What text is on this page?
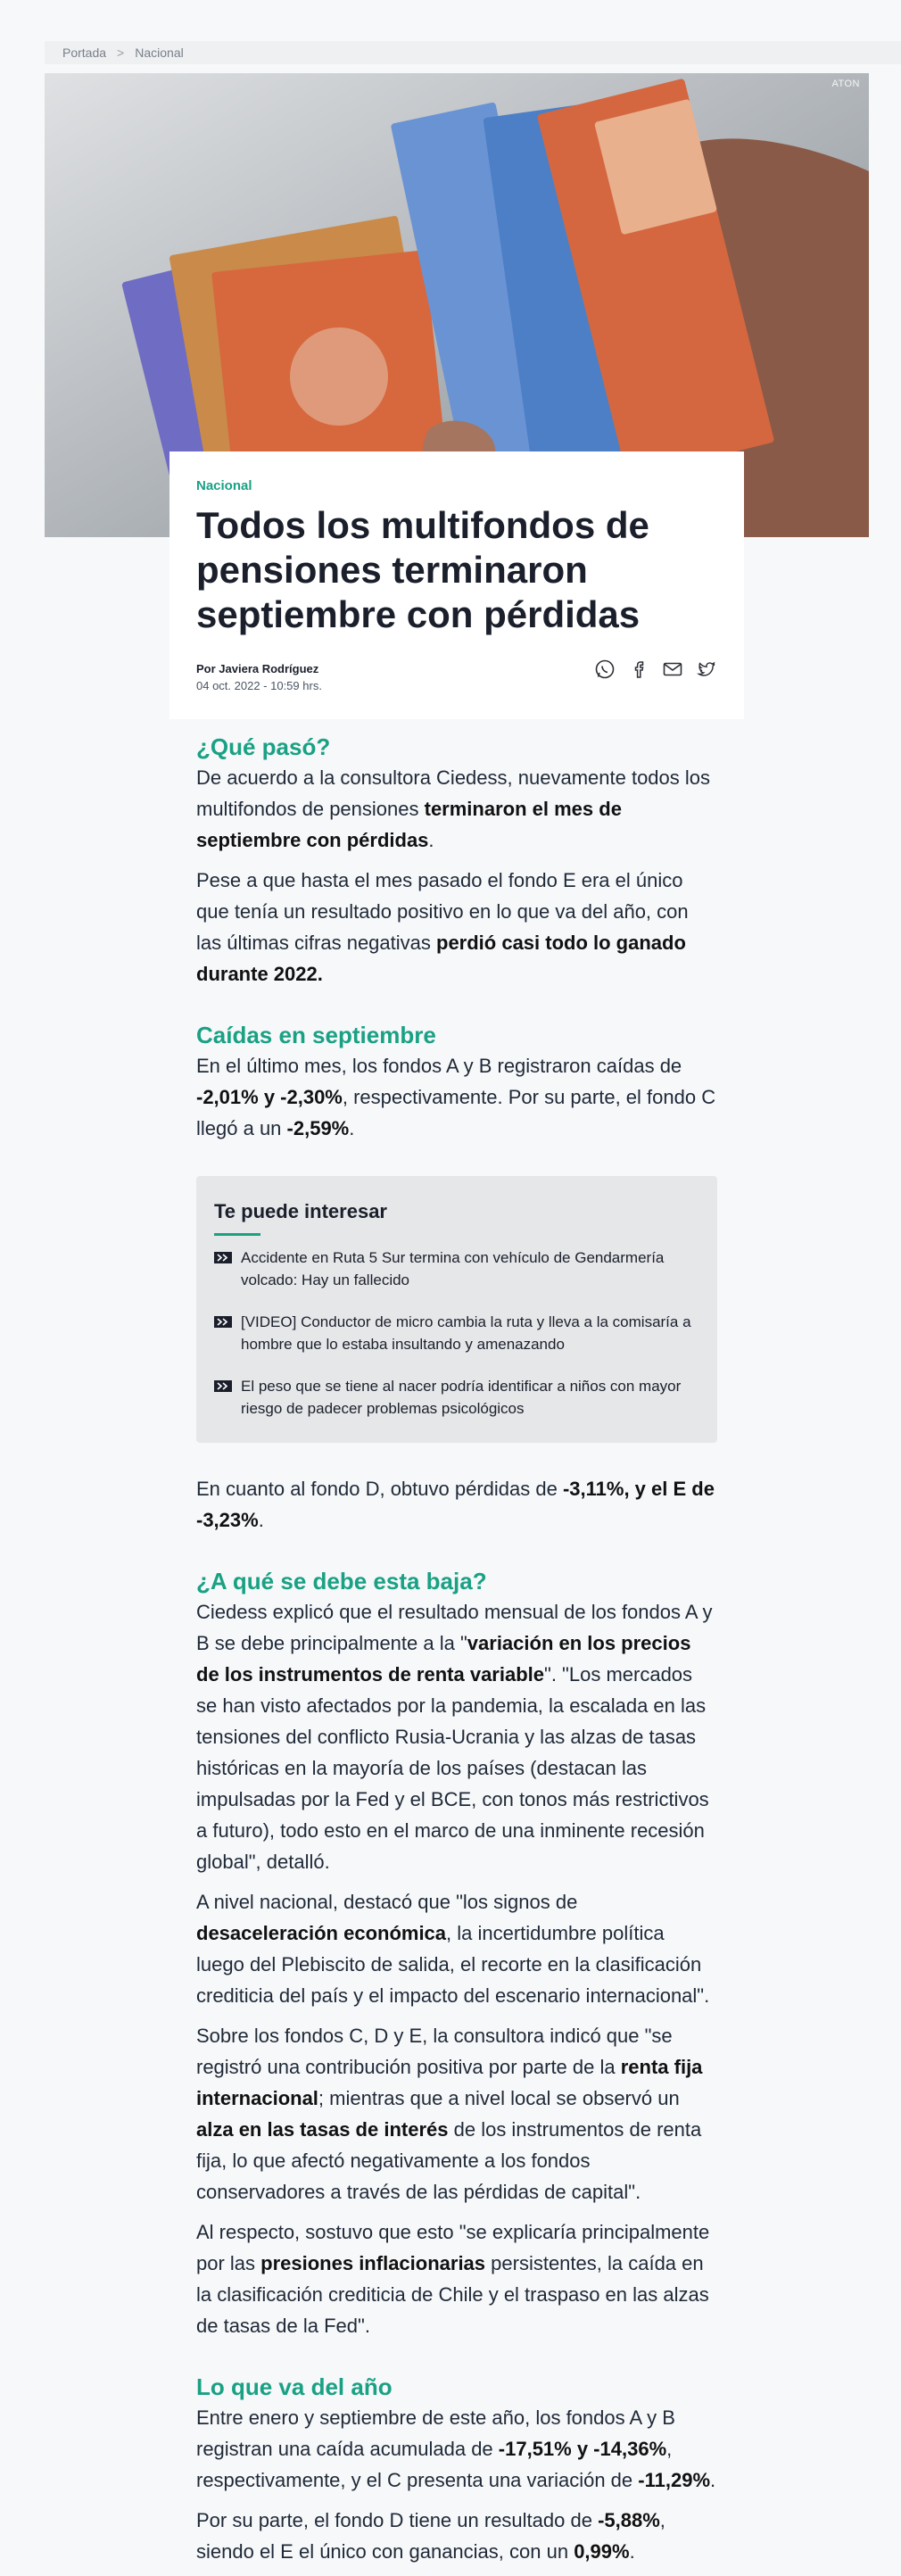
Portada > Nacional
ATON
Nacional
Todos los multifondos de pensiones terminaron septiembre con pérdidas
Por Javiera Rodríguez
04 oct. 2022 - 10:59 hrs.
¿Qué pasó?

De acuerdo a la consultora Ciedess, nuevamente todos los multifondos de pensiones terminaron el mes de septiembre con pérdidas.

Pese a que hasta el mes pasado el fondo E era el único que tenía un resultado positivo en lo que va del año, con las últimas cifras negativas perdió casi todo lo ganado durante 2022.

Caídas en septiembre

En el último mes, los fondos A y B registraron caídas de -2,01% y -2,30%, respectivamente. Por su parte, el fondo C llegó a un -2,59%.

Te puede interesar
Accidente en Ruta 5 Sur termina con vehículo de Gendarmería volcado: Hay un fallecido
[VIDEO] Conductor de micro cambia la ruta y lleva a la comisaría a hombre que lo estaba insultando y amenazando
El peso que se tiene al nacer podría identificar a niños con mayor riesgo de padecer problemas psicológicos

En cuanto al fondo D, obtuvo pérdidas de -3,11%, y el E de -3,23%.

¿A qué se debe esta baja?

Ciedess explicó que el resultado mensual de los fondos A y B se debe principalmente a la "variación en los precios de los instrumentos de renta variable". "Los mercados se han visto afectados por la pandemia, la escalada en las tensiones del conflicto Rusia-Ucrania y las alzas de tasas históricas en la mayoría de los países (destacan las impulsadas por la Fed y el BCE, con tonos más restrictivos a futuro), todo esto en el marco de una inminente recesión global", detalló.

A nivel nacional, destacó que "los signos de desaceleración económica, la incertidumbre política luego del Plebiscito de salida, el recorte en la clasificación crediticia del país y el impacto del escenario internacional".

Sobre los fondos C, D y E, la consultora indicó que "se registró una contribución positiva por parte de la renta fija internacional; mientras que a nivel local se observó un alza en las tasas de interés de los instrumentos de renta fija, lo que afectó negativamente a los fondos conservadores a través de las pérdidas de capital".

Al respecto, sostuvo que esto "se explicaría principalmente por las presiones inflacionarias persistentes, la caída en la clasificación crediticia de Chile y el traspaso en las alzas de tasas de la Fed".

Lo que va del año

Entre enero y septiembre de este año, los fondos A y B registran una caída acumulada de -17,51% y -14,36%, respectivamente, y el C presenta una variación de -11,29%.

Por su parte, el fondo D tiene un resultado de -5,88%, siendo el E el único con ganancias, con un 0,99%.
